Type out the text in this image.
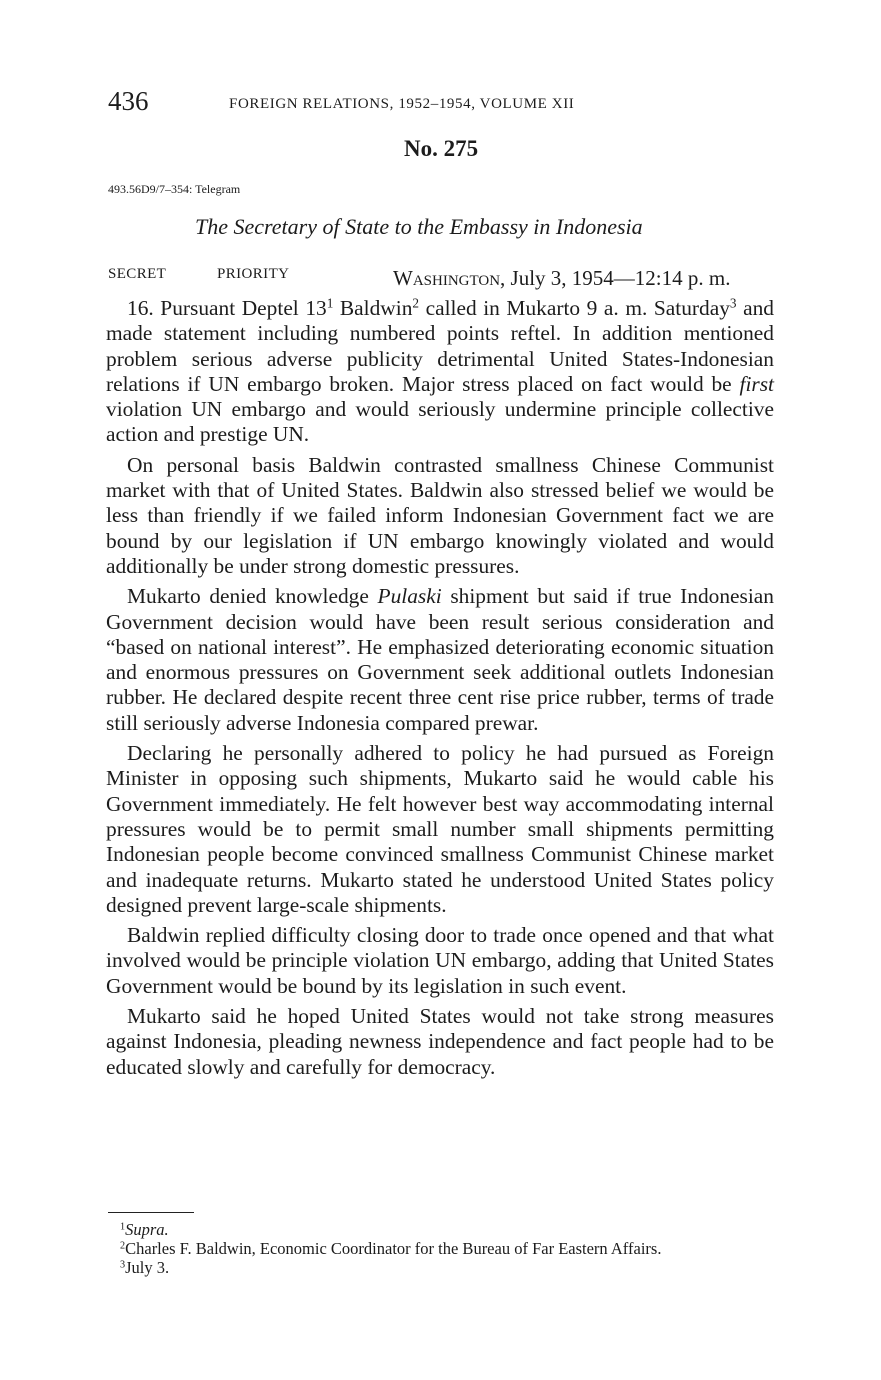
436	FOREIGN RELATIONS, 1952–1954, VOLUME XII
No. 275
493.56D9/7–354: Telegram
The Secretary of State to the Embassy in Indonesia
SECRET	PRIORITY	Washington, July 3, 1954—12:14 p. m.

16. Pursuant Deptel $13^1$ Baldwin$^2$ called in Mukarto 9 a. m. Saturday$^3$ and made statement including numbered points reftel. In addition mentioned problem serious adverse publicity detrimental United States-Indonesian relations if UN embargo broken. Major stress placed on fact would be first violation UN embargo and would seriously undermine principle collective action and prestige UN.

On personal basis Baldwin contrasted smallness Chinese Communist market with that of United States. Baldwin also stressed belief we would be less than friendly if we failed inform Indonesian Government fact we are bound by our legislation if UN embargo knowingly violated and would additionally be under strong domestic pressures.

Mukarto denied knowledge Pulaski shipment but said if true Indonesian Government decision would have been result serious consideration and “based on national interest”. He emphasized deteriorating economic situation and enormous pressures on Government seek additional outlets Indonesian rubber. He declared despite recent three cent rise price rubber, terms of trade still seriously adverse Indonesia compared prewar.

Declaring he personally adhered to policy he had pursued as Foreign Minister in opposing such shipments, Mukarto said he would cable his Government immediately. He felt however best way accommodating internal pressures would be to permit small number small shipments permitting Indonesian people become convinced smallness Communist Chinese market and inadequate returns. Mukarto stated he understood United States policy designed prevent large-scale shipments.

Baldwin replied difficulty closing door to trade once opened and that what involved would be principle violation UN embargo, adding that United States Government would be bound by its legislation in such event.

Mukarto said he hoped United States would not take strong measures against Indonesia, pleading newness independence and fact people had to be educated slowly and carefully for democracy.

$^1$Supra.
$^2$Charles F. Baldwin, Economic Coordinator for the Bureau of Far Eastern Affairs.
$^3$July 3.
